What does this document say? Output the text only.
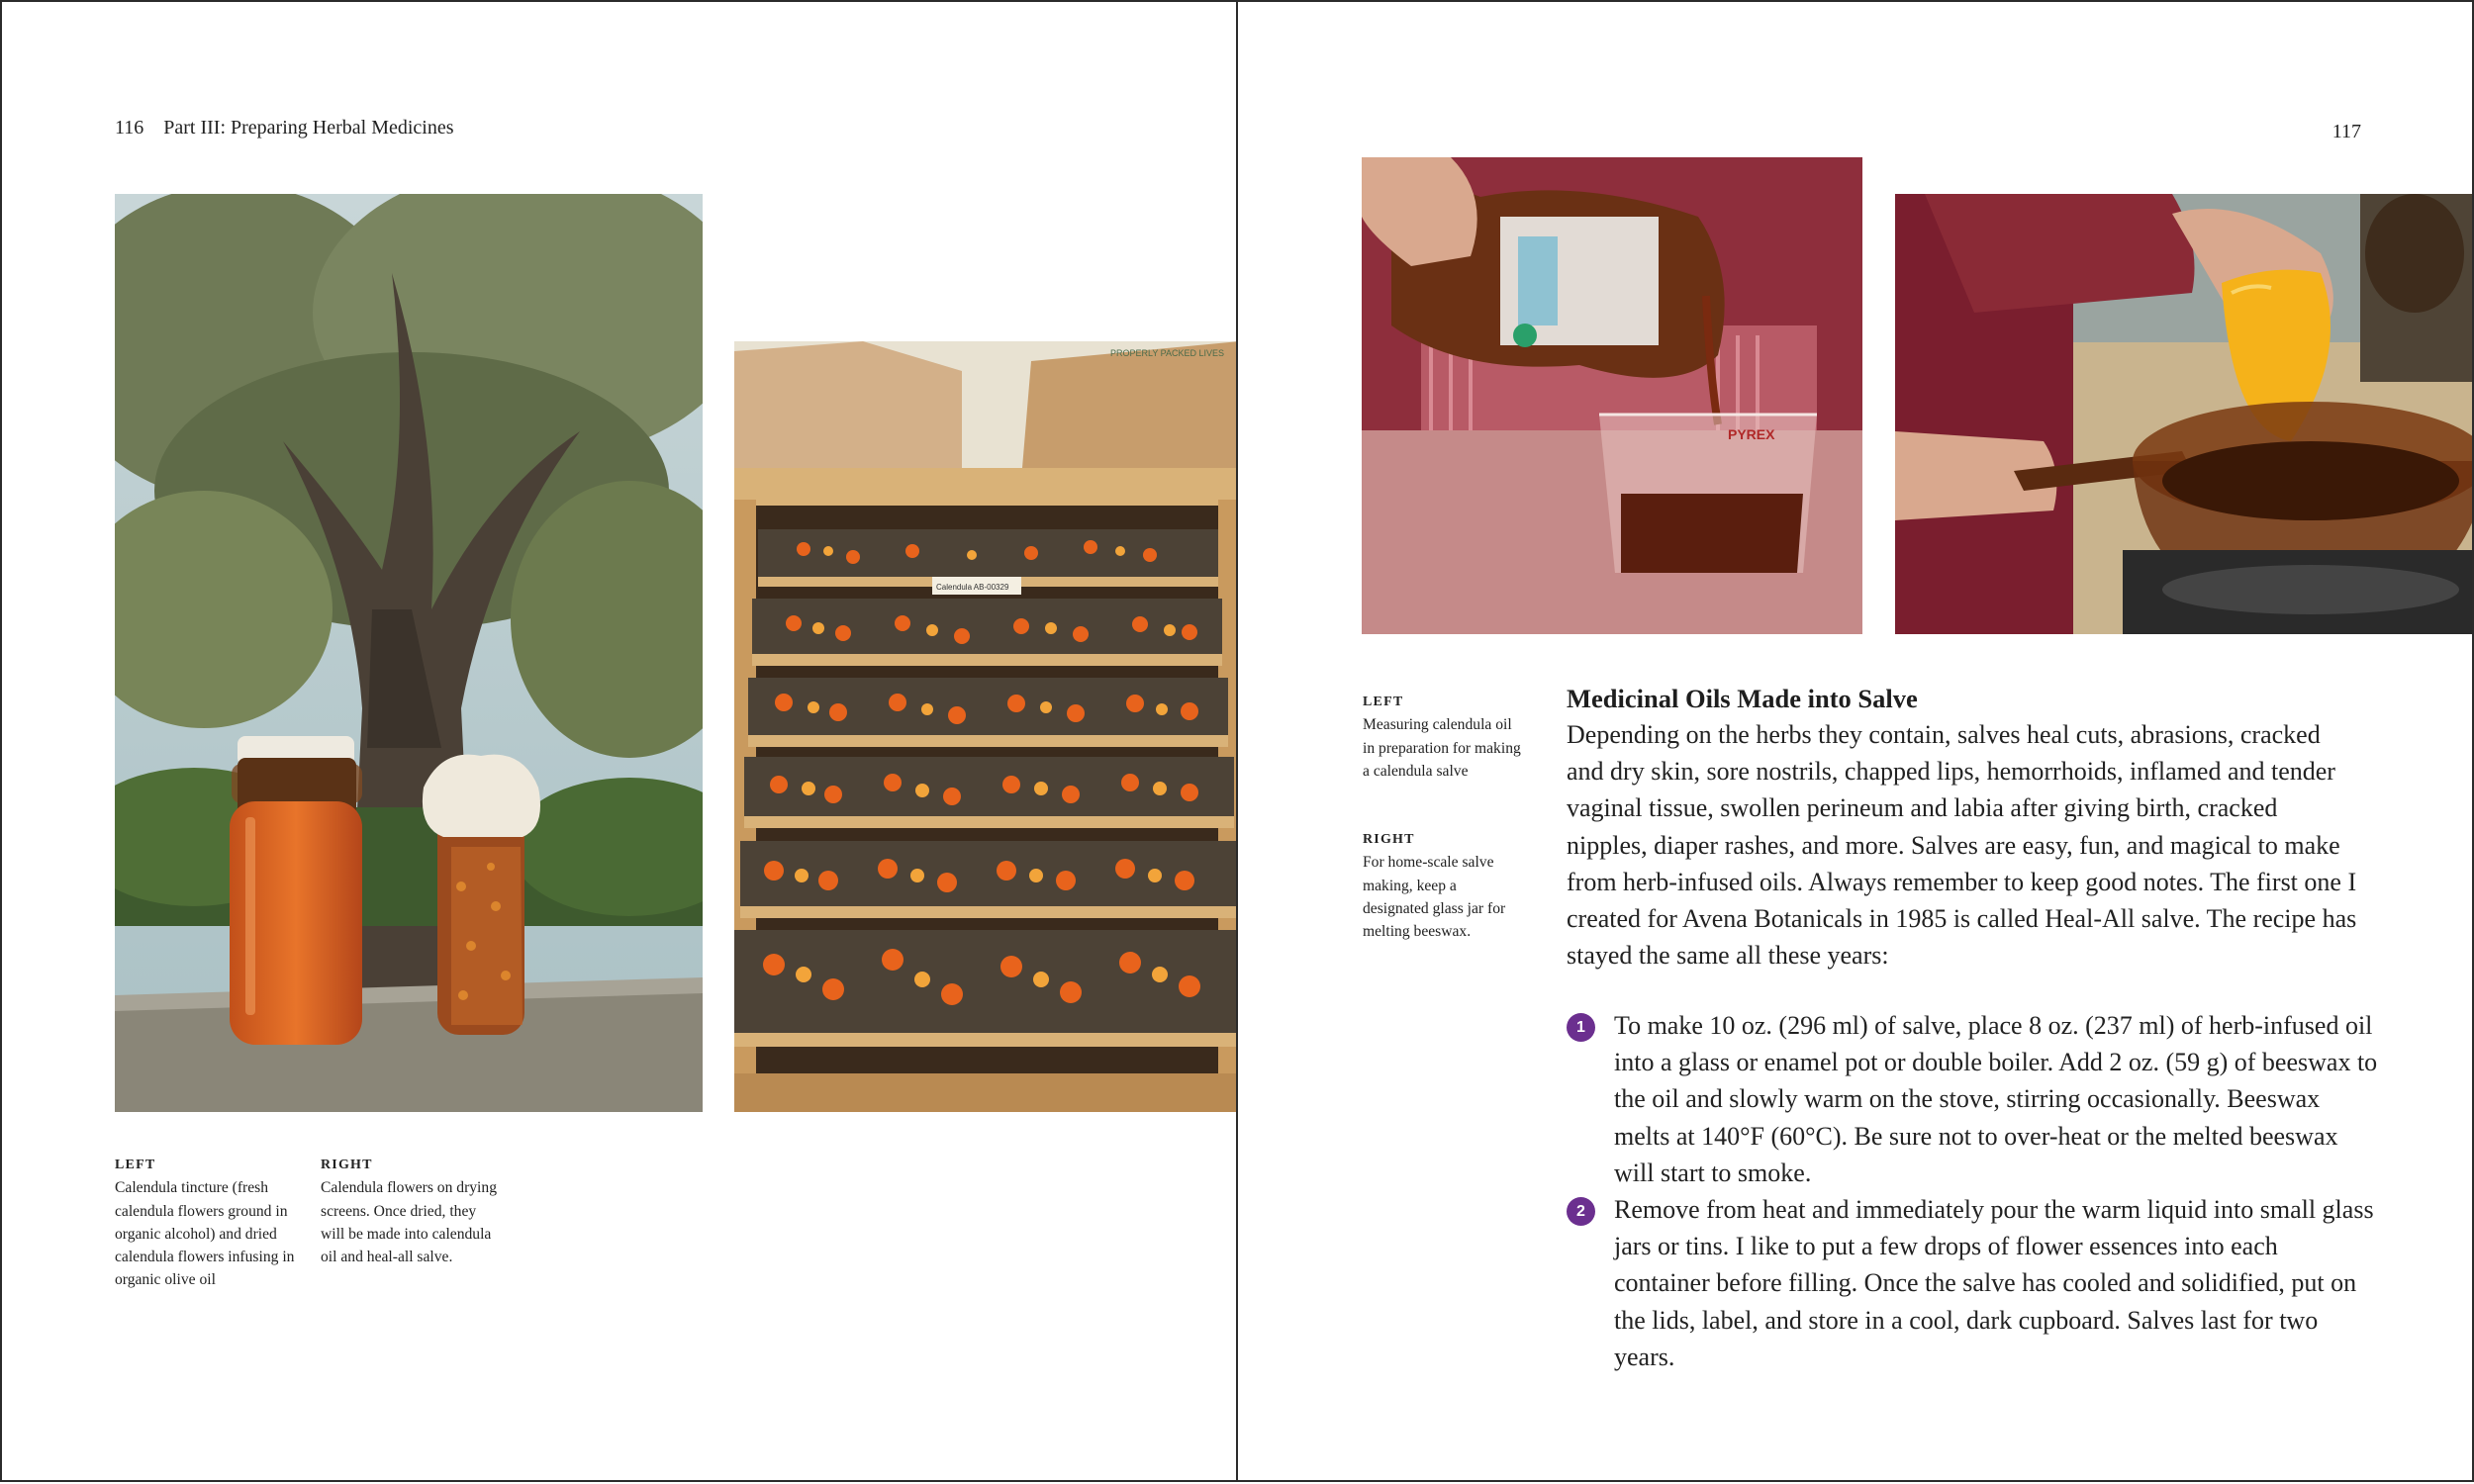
116 Part III: Preparing Herbal Medicines
PROPERLY PACKED LIVES
Calendula AB-00329
LEFT
Calendula tincture (fresh calendula flowers ground in organic alcohol) and dried calendula flowers infusing in organic olive oil
RIGHT
Calendula flowers on drying screens. Once dried, they will be made into calendula oil and heal-all salve.
117
PYREX
LEFT
Measuring calendula oil in preparation for making a calendula salve
RIGHT
For home-scale salve making, keep a designated glass jar for melting beeswax.
Medicinal Oils Made into Salve

Depending on the herbs they contain, salves heal cuts, abrasions, cracked and dry skin, sore nostrils, chapped lips, hemorrhoids, inflamed and tender vaginal tissue, swollen perineum and labia after giving birth, cracked nipples, diaper rashes, and more. Salves are easy, fun, and magical to make from herb-infused oils. Always remember to keep good notes. The first one I created for Avena Botanicals in 1985 is called Heal-All salve. The recipe has stayed the same all these years:

1	To make 10 oz. (296 ml) of salve, place 8 oz. (237 ml) of herb-infused oil into a glass or enamel pot or double boiler. Add 2 oz. (59 g) of beeswax to the oil and slowly warm on the stove, stirring occasionally. Beeswax melts at 140°F (60°C). Be sure not to over-heat or the melted beeswax will start to smoke.
2	Remove from heat and immediately pour the warm liquid into small glass jars or tins. I like to put a few drops of flower essences into each container before filling. Once the salve has cooled and solidified, put on the lids, label, and store in a cool, dark cupboard. Salves last for two years.
